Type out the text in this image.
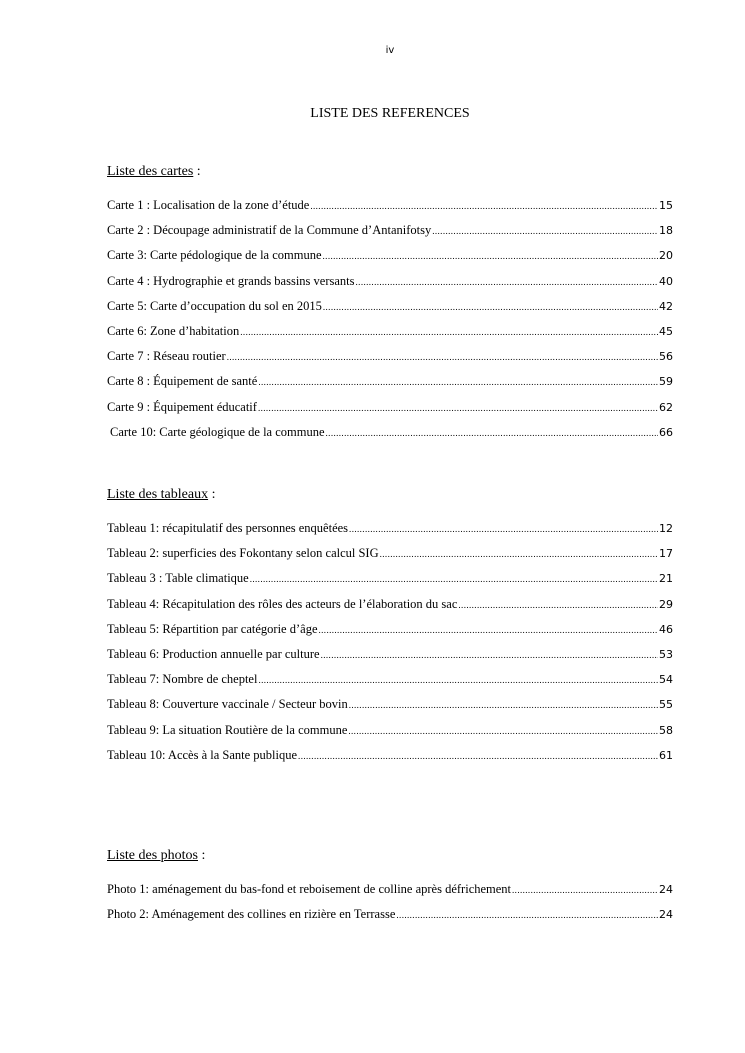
iv
LISTE DES REFERENCES
Liste des cartes :
Carte 1 : Localisation de la zone d’étude .....	15
Carte 2 : Découpage administratif de la Commune d’Antanifotsy .....	18
Carte 3: Carte pédologique de la commune .....	20
Carte 4 : Hydrographie et grands bassins versants .....	40
Carte 5: Carte d’occupation du sol en 2015 .....	42
Carte 6: Zone d’habitation .....	45
Carte 7 : Réseau routier .....	56
Carte 8 : Équipement de santé .....	59
Carte 9 : Équipement éducatif .....	62
Carte 10: Carte géologique de la commune .....	66
Liste des tableaux :
Tableau 1: récapitulatif des personnes enquêtées .....	12
Tableau 2: superficies des Fokontany selon calcul SIG .....	17
Tableau 3 : Table climatique .....	21
Tableau 4: Récapitulation des rôles des acteurs de l’élaboration du sac .....	29
Tableau 5: Répartition par catégorie d’âge .....	46
Tableau 6: Production annuelle par culture .....	53
Tableau 7: Nombre de cheptel .....	54
Tableau 8: Couverture vaccinale / Secteur bovin .....	55
Tableau 9: La situation Routière de la commune .....	58
Tableau 10: Accès à la Sante publique .....	61
Liste des photos :
Photo 1: aménagement du bas-fond et reboisement de colline après défrichement .....	24
Photo 2: Aménagement des collines en rizière en Terrasse .....	24
